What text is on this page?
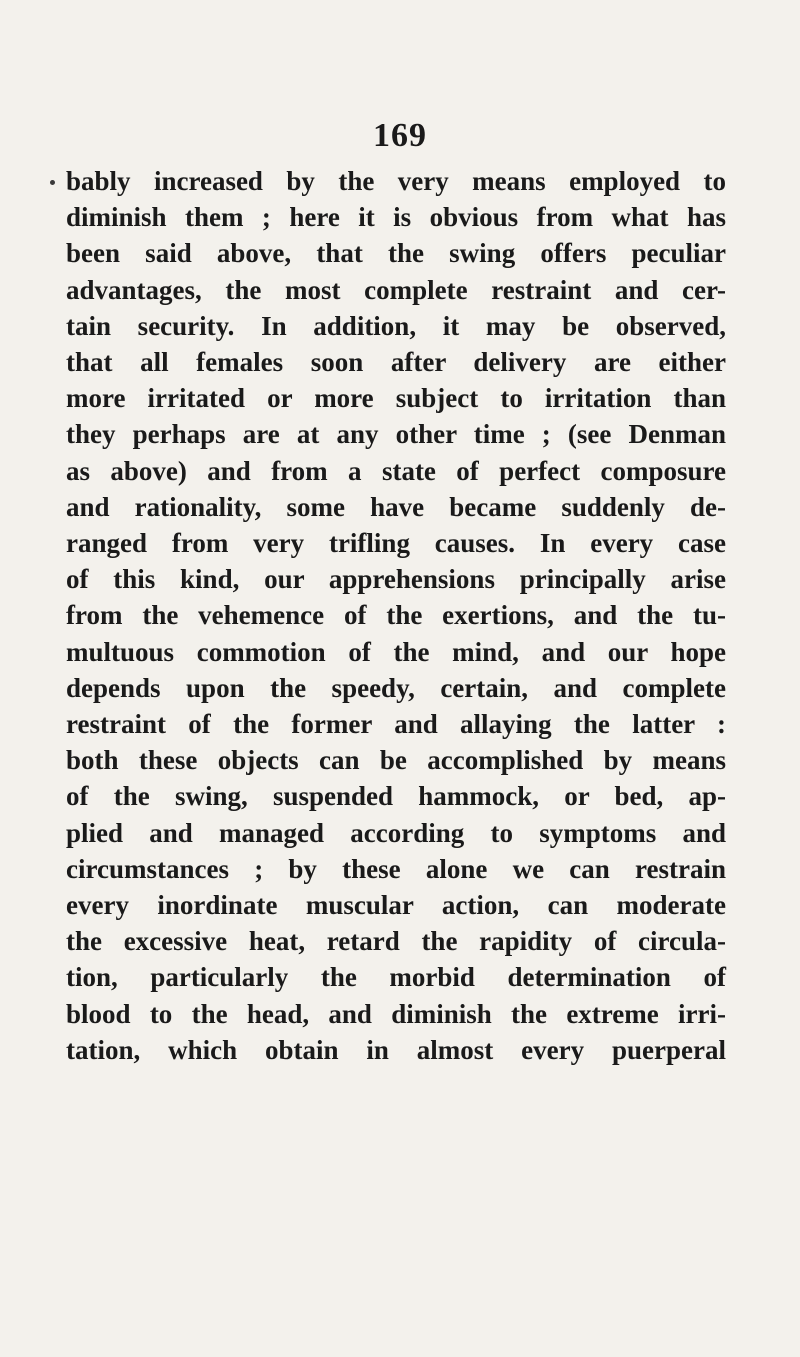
169
bably increased by the very means employed to
diminish them ; here it is obvious from what has
been said above, that the swing offers peculiar
advantages, the most complete restraint and cer-
tain security. In addition, it may be observed,
that all females soon after delivery are either
more irritated or more subject to irritation than
they perhaps are at any other time ; (see Denman
as above) and from a state of perfect composure
and rationality, some have became suddenly de-
ranged from very trifling causes. In every case
of this kind, our apprehensions principally arise
from the vehemence of the exertions, and the tu-
multuous commotion of the mind, and our hope
depends upon the speedy, certain, and complete
restraint of the former and allaying the latter :
both these objects can be accomplished by means
of the swing, suspended hammock, or bed, ap-
plied and managed according to symptoms and
circumstances ; by these alone we can restrain
every inordinate muscular action, can moderate
the excessive heat, retard the rapidity of circula-
tion, particularly the morbid determination of
blood to the head, and diminish the extreme irri-
tation, which obtain in almost every puerperal
